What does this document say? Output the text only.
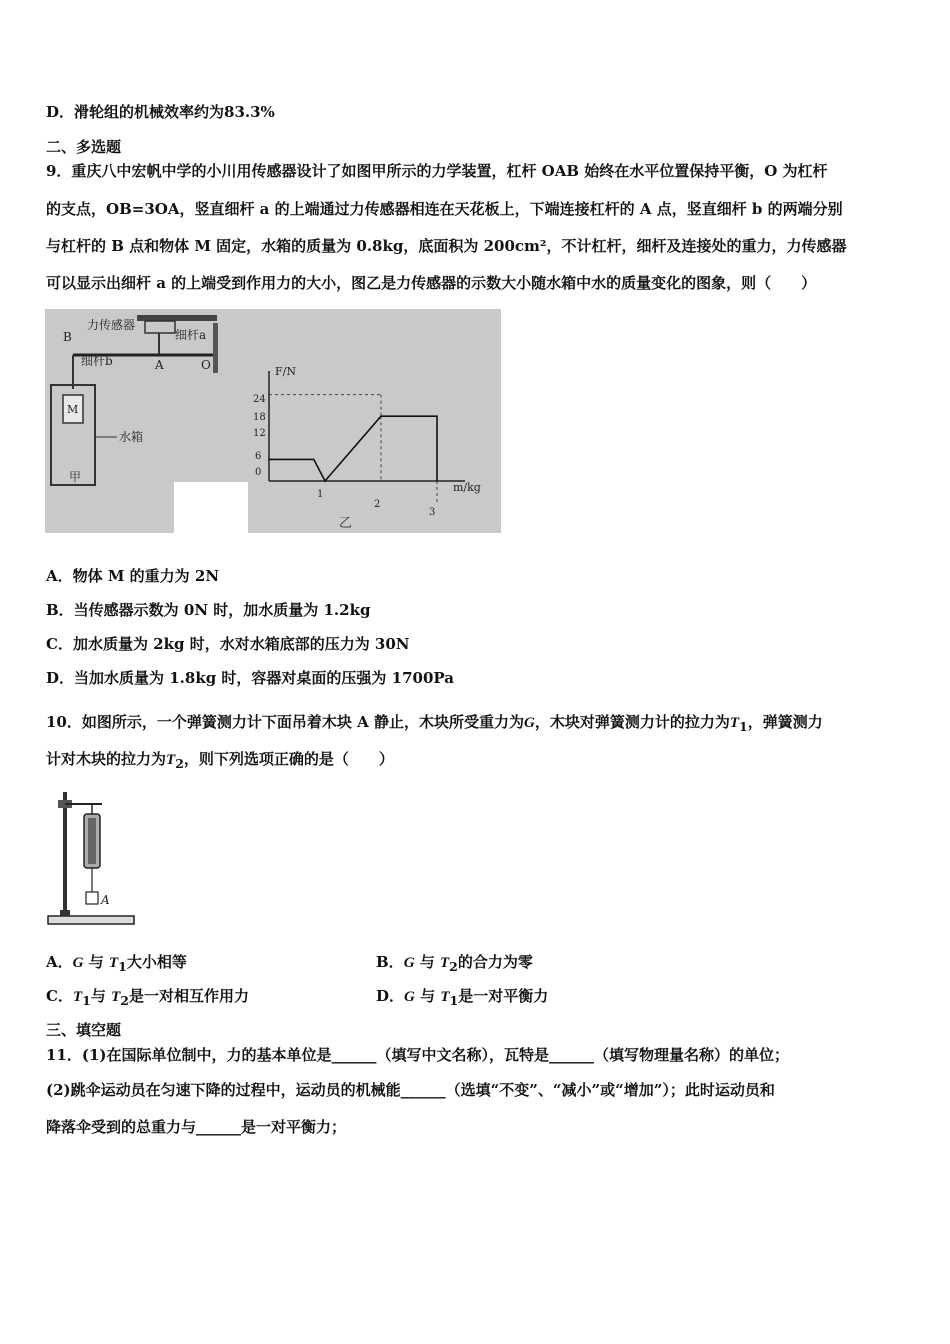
D．滑轮组的机械效率约为83.3%
二、多选题
9．重庆八中宏帆中学的小川用传感器设计了如图甲所示的力学装置，杠杆 OAB 始终在水平位置保持平衡，O 为杠杆
的支点，OB=3OA，竖直细杆 a 的上端通过力传感器相连在天花板上，下端连接杠杆的 A 点，竖直细杆 b 的两端分别
与杠杆的 B 点和物体 M 固定，水箱的质量为 0.8kg，底面积为 200cm²，不计杠杆，细杆及连接处的重力，力传感器
可以显示出细杆 a 的上端受到作用力的大小，图乙是力传感器的示数大小随水箱中水的质量变化的图象，则（　　）
力传感器
细杆a
B
A	O
细杆b
M
水箱
甲
F/N
m/kg
24
18
12
6
0
1
2
3
乙
A．物体 M 的重力为 2N
B．当传感器示数为 0N 时，加水质量为 1.2kg
C．加水质量为 2kg 时，水对水箱底部的压力为 30N
D．当加水质量为 1.8kg 时，容器对桌面的压强为 1700Pa
10．如图所示，一个弹簧测力计下面吊着木块 A 静止，木块所受重力为G，木块对弹簧测力计的拉力为$T_1$，弹簧测力
计对木块的拉力为$T_2$，则下列选项正确的是（　　）
A
A．G 与 $T_1$大小相等	B．G 与 $T_2$的合力为零
C．$T_1$与 $T_2$是一对相互作用力	D．G 与 $T_1$是一对平衡力
三、填空题
11．(1)在国际单位制中，力的基本单位是______（填写中文名称），瓦特是______（填写物理量名称）的单位；
(2)跳伞运动员在匀速下降的过程中，运动员的机械能______（选填“不变”、“减小”或“增加”）；此时运动员和
降落伞受到的总重力与______是一对平衡力；
